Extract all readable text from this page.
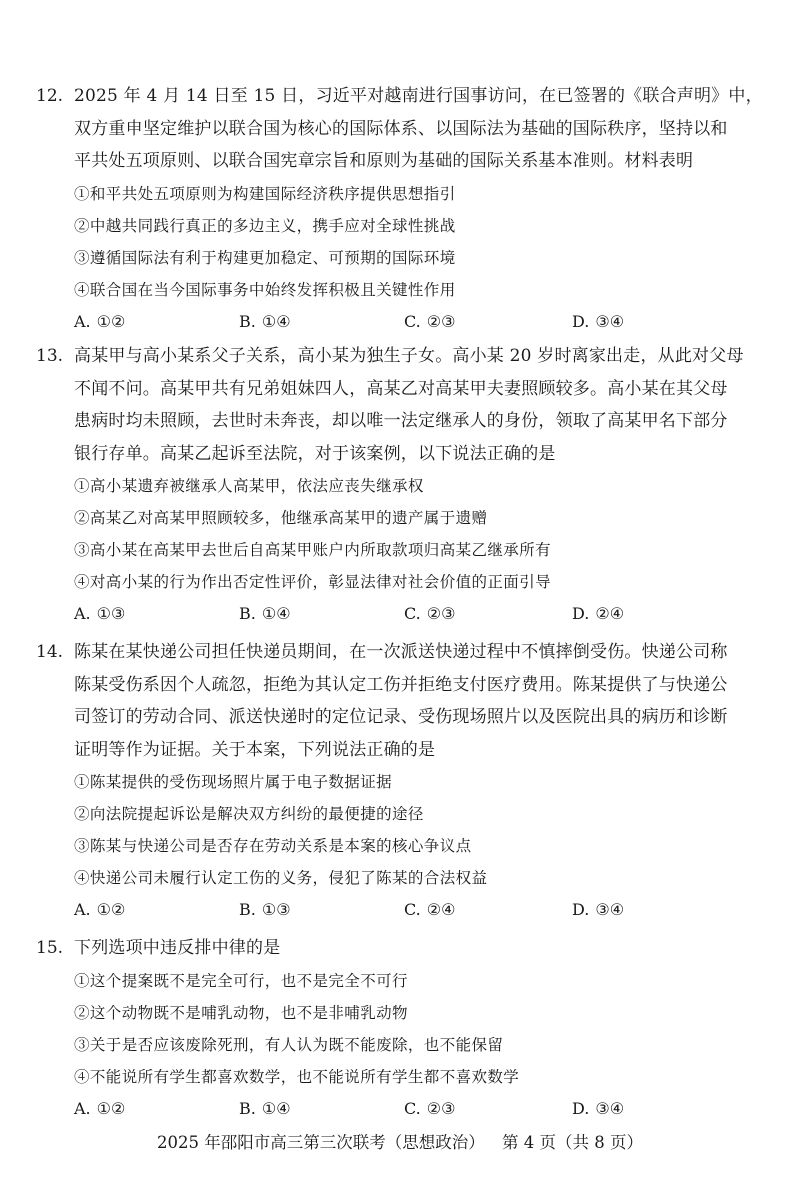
12. 2025 年 4 月 14 日至 15 日，习近平对越南进行国事访问，在已签署的《联合声明》中，
双方重申坚定维护以联合国为核心的国际体系、以国际法为基础的国际秩序，坚持以和
平共处五项原则、以联合国宪章宗旨和原则为基础的国际关系基本准则。材料表明
①和平共处五项原则为构建国际经济秩序提供思想指引
②中越共同践行真正的多边主义，携手应对全球性挑战
③遵循国际法有利于构建更加稳定、可预期的国际环境
④联合国在当今国际事务中始终发挥积极且关键性作用
A. ①②	B. ①④	C. ②③	D. ③④
13. 高某甲与高小某系父子关系，高小某为独生子女。高小某 20 岁时离家出走，从此对父母
不闻不问。高某甲共有兄弟姐妹四人，高某乙对高某甲夫妻照顾较多。高小某在其父母
患病时均未照顾，去世时未奔丧，却以唯一法定继承人的身份，领取了高某甲名下部分
银行存单。高某乙起诉至法院，对于该案例，以下说法正确的是
①高小某遗弃被继承人高某甲，依法应丧失继承权
②高某乙对高某甲照顾较多，他继承高某甲的遗产属于遗赠
③高小某在高某甲去世后自高某甲账户内所取款项归高某乙继承所有
④对高小某的行为作出否定性评价，彰显法律对社会价值的正面引导
A. ①③	B. ①④	C. ②③	D. ②④
14. 陈某在某快递公司担任快递员期间，在一次派送快递过程中不慎摔倒受伤。快递公司称
陈某受伤系因个人疏忽，拒绝为其认定工伤并拒绝支付医疗费用。陈某提供了与快递公
司签订的劳动合同、派送快递时的定位记录、受伤现场照片以及医院出具的病历和诊断
证明等作为证据。关于本案，下列说法正确的是
①陈某提供的受伤现场照片属于电子数据证据
②向法院提起诉讼是解决双方纠纷的最便捷的途径
③陈某与快递公司是否存在劳动关系是本案的核心争议点
④快递公司未履行认定工伤的义务，侵犯了陈某的合法权益
A. ①②	B. ①③	C. ②④	D. ③④
15. 下列选项中违反排中律的是
①这个提案既不是完全可行，也不是完全不可行
②这个动物既不是哺乳动物，也不是非哺乳动物
③关于是否应该废除死刑，有人认为既不能废除，也不能保留
④不能说所有学生都喜欢数学，也不能说所有学生都不喜欢数学
A. ①②	B. ①④	C. ②③	D. ③④
2025 年邵阳市高三第三次联考（思想政治） 第 4 页（共 8 页）
